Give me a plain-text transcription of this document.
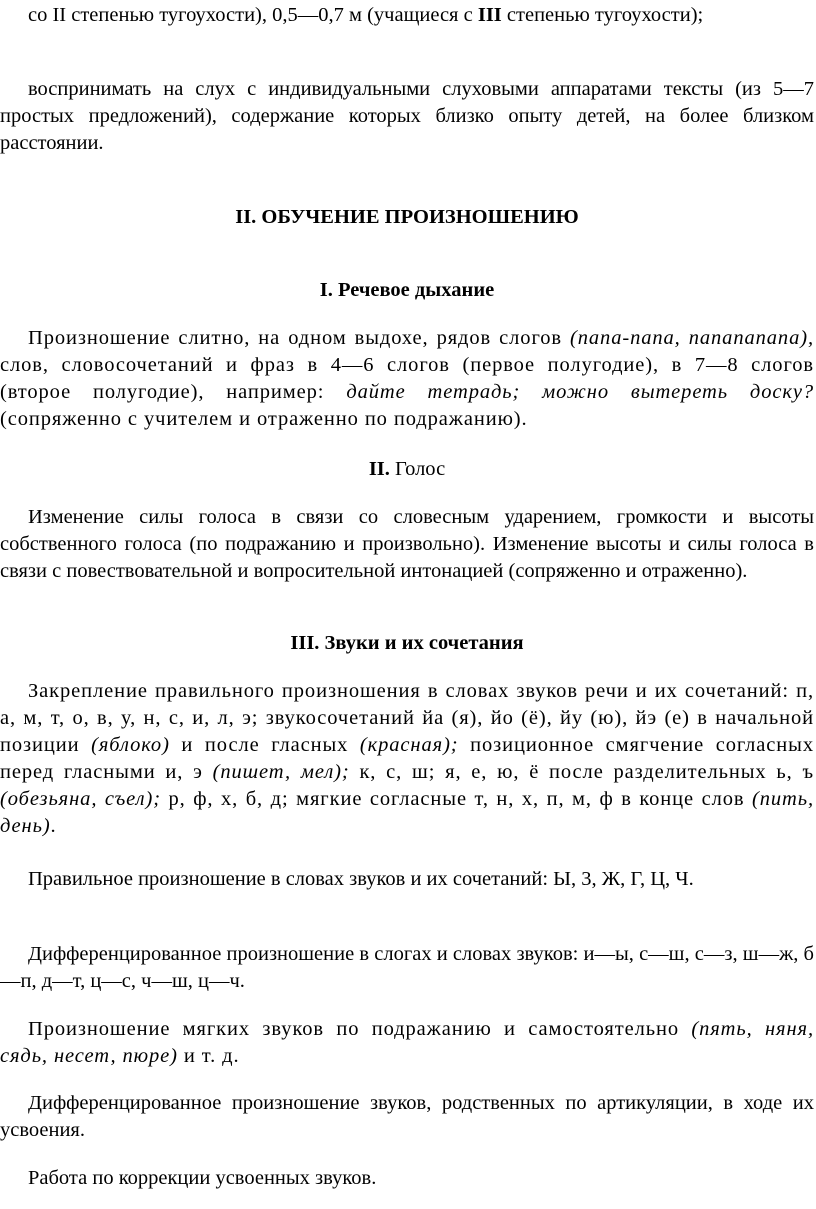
со II степенью тугоухости), 0,5—0,7 м (учащиеся с III степенью тугоухости);

воспринимать на слух с индивидуальными слуховыми аппаратами тексты (из 5—7 простых предложений), содержание которых близко опыту детей, на более близком расстоянии.

II. ОБУЧЕНИЕ ПРОИЗНОШЕНИЮ

I. Речевое дыхание

Произношение слитно, на одном выдохе, рядов слогов (папа-папа, папапапапа), слов, словосочетаний и фраз в 4—6 слогов (первое полугодие), в 7—8 слогов (второе полугодие), например: дайте тетрадь; можно вытереть доску? (сопряженно с учителем и отраженно по подражанию).

II. Голос

Изменение силы голоса в связи со словесным ударением, громкости и высоты собственного голоса (по подражанию и произвольно). Изменение высоты и силы голоса в связи с повествовательной и вопросительной интонацией (сопряженно и отраженно).

III. Звуки и их сочетания

Закрепление правильного произношения в словах звуков речи и их сочетаний: п, а, м, т, о, в, у, н, с, и, л, э; звукосочетаний йа (я), йо (ё), йу (ю), йэ (е) в начальной позиции (яблоко) и после гласных (красная); позиционное смягчение согласных перед гласными и, э (пишет, мел); к, с, ш; я, е, ю, ё после разделительных ь, ъ (обезьяна, съел); р, ф, х, б, д; мягкие согласные т, н, х, п, м, ф в конце слов (пить, день).

Правильное произношение в словах звуков и их сочетаний: Ы, 3, Ж, Г, Ц, Ч.

Дифференцированное произношение в слогах и словах звуков: и—ы, с—ш, с—з, ш—ж, б—п, д—т, ц—с, ч—ш, ц—ч.

Произношение мягких звуков по подражанию и самостоятельно (пять, няня, сядь, несет, пюре) и т. д.

Дифференцированное произношение звуков, родственных по артикуляции, в ходе их усвоения.

Работа по коррекции усвоенных звуков.
